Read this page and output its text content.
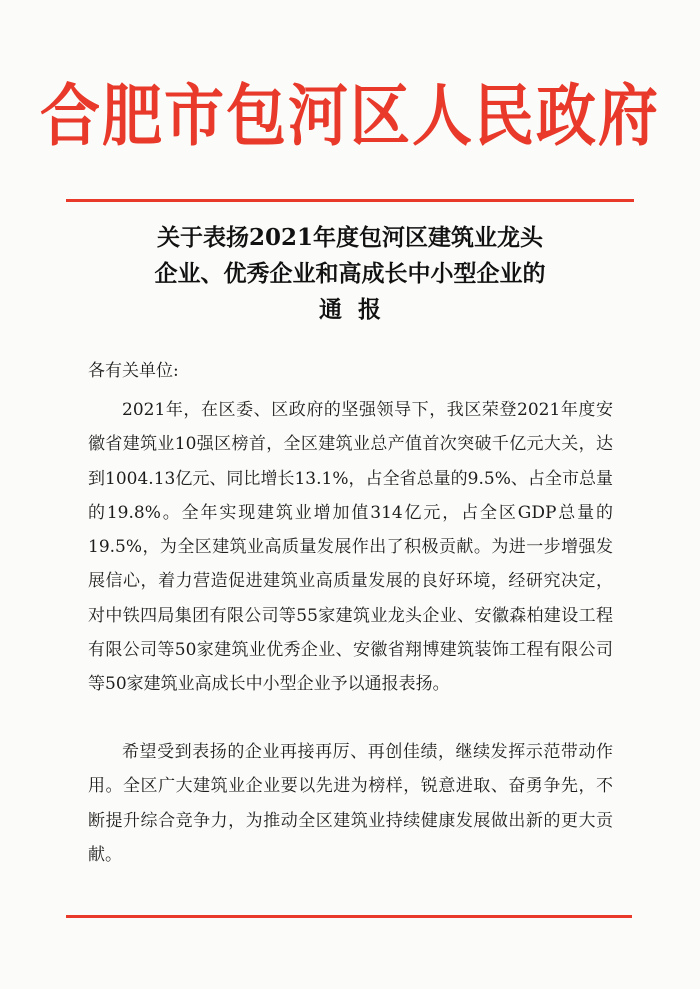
合肥市包河区人民政府
关于表扬2021年度包河区建筑业龙头
企业、优秀企业和高成长中小型企业的
通  报
各有关单位:

2021年，在区委、区政府的坚强领导下，我区荣登2021年度安徽省建筑业10强区榜首，全区建筑业总产值首次突破千亿元大关，达到1004.13亿元、同比增长13.1%，占全省总量的9.5%、占全市总量的19.8%。全年实现建筑业增加值314亿元，占全区GDP总量的19.5%，为全区建筑业高质量发展作出了积极贡献。为进一步增强发展信心，着力营造促进建筑业高质量发展的良好环境，经研究决定，对中铁四局集团有限公司等55家建筑业龙头企业、安徽森柏建设工程有限公司等50家建筑业优秀企业、安徽省翔博建筑装饰工程有限公司等50家建筑业高成长中小型企业予以通报表扬。

希望受到表扬的企业再接再厉、再创佳绩，继续发挥示范带动作用。全区广大建筑业企业要以先进为榜样，锐意进取、奋勇争先，不断提升综合竞争力，为推动全区建筑业持续健康发展做出新的更大贡献。
